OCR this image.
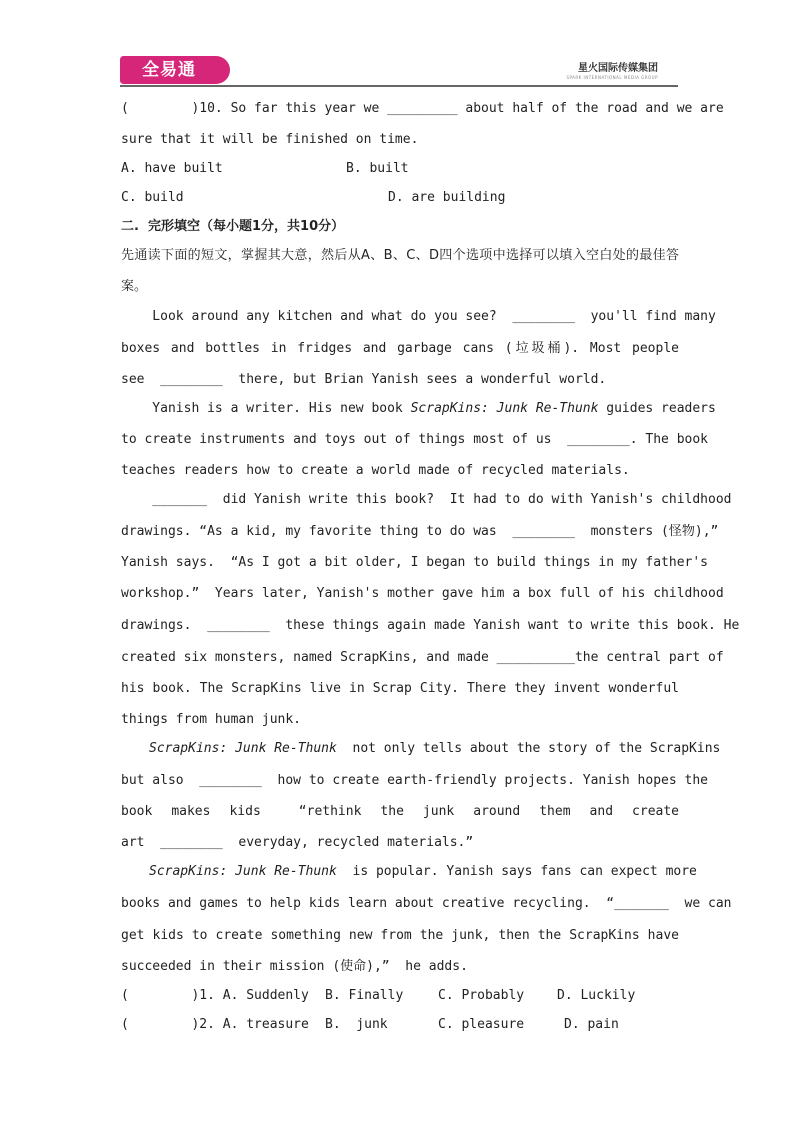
全易通	星火国际传媒集团
SPARK INTERNATIONAL MEDIA GROUP
(        )10. So far this year we _________ about half of the road and we are
sure that it will be finished on time.
A. have built	B. built
C. build	D. are building
二.  完形填空（每小题1分，共10分）
先通读下面的短文，掌握其大意，然后从A、B、C、D四个选项中选择可以填入空白处的最佳答
案。
Look around any kitchen and what do you see?  ________  you'll find many
boxes and bottles in fridges and garbage cans (垃圾桶). Most people
see  ________  there, but Brian Yanish sees a wonderful world.
Yanish is a writer. His new book ScrapKins: Junk Re-Thunk guides readers
to create instruments and toys out of things most of us  ________. The book
teaches readers how to create a world made of recycled materials.
_______  did Yanish write this book?  It had to do with Yanish's childhood
drawings. “As a kid, my favorite thing to do was  ________  monsters (怪物),”
Yanish says.  “As I got a bit older, I began to build things in my father's
workshop.”  Years later, Yanish's mother gave him a box full of his childhood
drawings.  ________  these things again made Yanish want to write this book. He
created six monsters, named ScrapKins, and made __________the central part of
his book. The ScrapKins live in Scrap City. There they invent wonderful
things from human junk.
ScrapKins: Junk Re-Thunk  not only tells about the story of the ScrapKins
but also  ________  how to create earth-friendly projects. Yanish hopes the
book makes kids  “rethink the junk around them and create
art  ________  everyday, recycled materials.”
ScrapKins: Junk Re-Thunk  is popular. Yanish says fans can expect more
books and games to help kids learn about creative recycling.  “_______  we can
get kids to create something new from the junk, then the ScrapKins have
succeeded in their mission (使命),”  he adds.
(        )1. A. Suddenly B. Finally	C. Probably	D. Luckily
(        )2. A. treasure B.  junk	C. pleasure	D. pain
